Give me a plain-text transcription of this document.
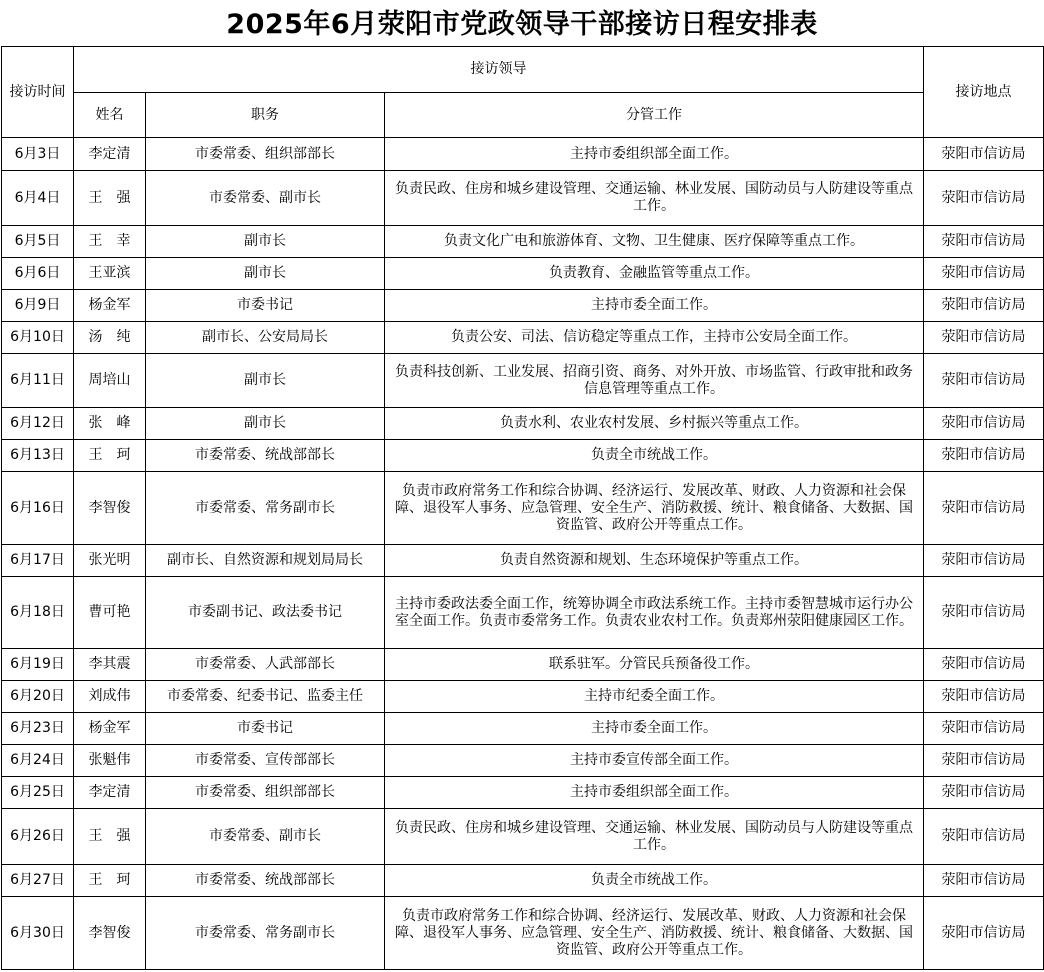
2025年6月荥阳市党政领导干部接访日程安排表
接访时间	接访领导			接访地点
	姓名	职务	分管工作	
6月3日	李定清	市委常委、组织部部长	主持市委组织部全面工作。	荥阳市信访局
6月4日	王　强	市委常委、副市长	负责民政、住房和城乡建设管理、交通运输、林业发展、国防动员与人防建设等重点工作。	荥阳市信访局
6月5日	王　幸	副市长	负责文化广电和旅游体育、文物、卫生健康、医疗保障等重点工作。	荥阳市信访局
6月6日	王亚滨	副市长	负责教育、金融监管等重点工作。	荥阳市信访局
6月9日	杨金军	市委书记	主持市委全面工作。	荥阳市信访局
6月10日	汤　纯	副市长、公安局局长	负责公安、司法、信访稳定等重点工作，主持市公安局全面工作。	荥阳市信访局
6月11日	周培山	副市长	负责科技创新、工业发展、招商引资、商务、对外开放、市场监管、行政审批和政务信息管理等重点工作。	荥阳市信访局
6月12日	张　峰	副市长	负责水利、农业农村发展、乡村振兴等重点工作。	荥阳市信访局
6月13日	王　珂	市委常委、统战部部长	负责全市统战工作。	荥阳市信访局
6月16日	李智俊	市委常委、常务副市长	负责市政府常务工作和综合协调、经济运行、发展改革、财政、人力资源和社会保障、退役军人事务、应急管理、安全生产、消防救援、统计、粮食储备、大数据、国资监管、政府公开等重点工作。	荥阳市信访局
6月17日	张光明	副市长、自然资源和规划局局长	负责自然资源和规划、生态环境保护等重点工作。	荥阳市信访局
6月18日	曹可艳	市委副书记、政法委书记	主持市委政法委全面工作，统筹协调全市政法系统工作。主持市委智慧城市运行办公室全面工作。负责市委常务工作。负责农业农村工作。负责郑州荥阳健康园区工作。	荥阳市信访局
6月19日	李其震	市委常委、人武部部长	联系驻军。分管民兵预备役工作。	荥阳市信访局
6月20日	刘成伟	市委常委、纪委书记、监委主任	主持市纪委全面工作。	荥阳市信访局
6月23日	杨金军	市委书记	主持市委全面工作。	荥阳市信访局
6月24日	张魁伟	市委常委、宣传部部长	主持市委宣传部全面工作。	荥阳市信访局
6月25日	李定清	市委常委、组织部部长	主持市委组织部全面工作。	荥阳市信访局
6月26日	王　强	市委常委、副市长	负责民政、住房和城乡建设管理、交通运输、林业发展、国防动员与人防建设等重点工作。	荥阳市信访局
6月27日	王　珂	市委常委、统战部部长	负责全市统战工作。	荥阳市信访局
6月30日	李智俊	市委常委、常务副市长	负责市政府常务工作和综合协调、经济运行、发展改革、财政、人力资源和社会保障、退役军人事务、应急管理、安全生产、消防救援、统计、粮食储备、大数据、国资监管、政府公开等重点工作。	荥阳市信访局
